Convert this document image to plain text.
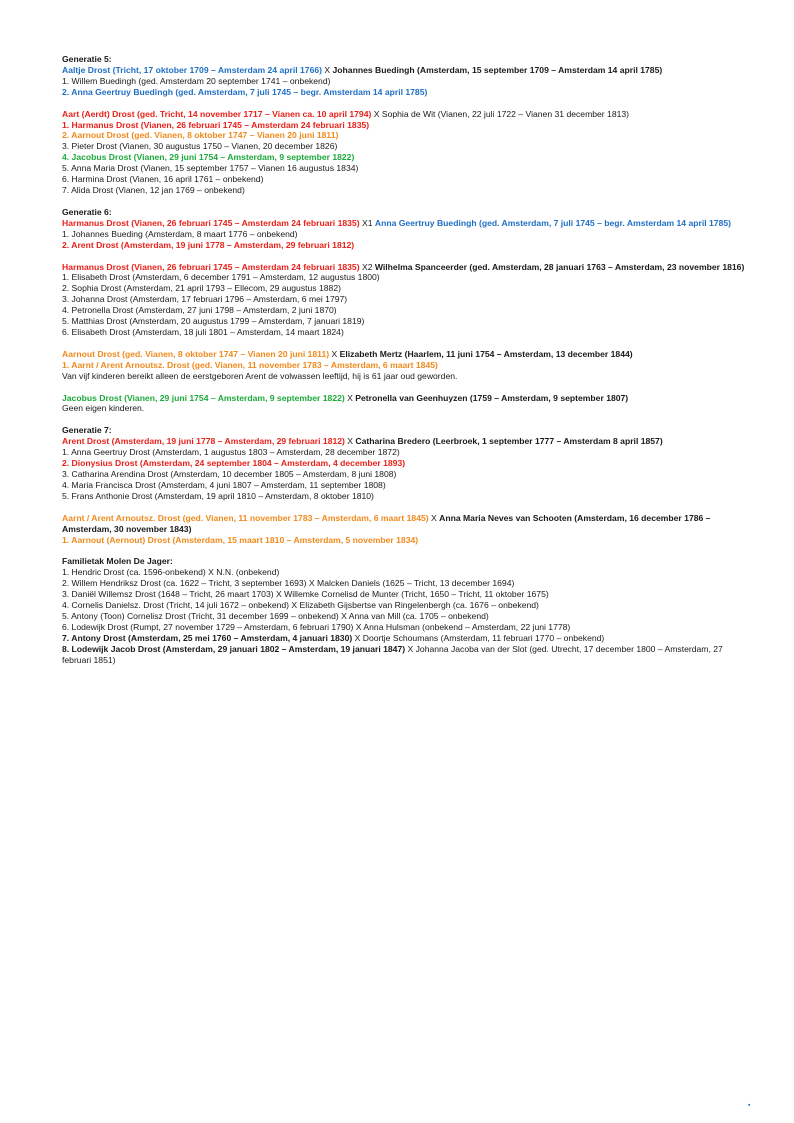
Generatie 5:
Aaltje Drost (Tricht, 17 oktober 1709 – Amsterdam 24 april 1766) X Johannes Buedingh (Amsterdam, 15 september 1709 – Amsterdam 14 april 1785)
1. Willem Buedingh (ged. Amsterdam 20 september 1741 – onbekend)
2. Anna Geertruy Buedingh (ged. Amsterdam, 7 juli 1745 – begr. Amsterdam 14 april 1785)
Aart (Aerdt) Drost (ged. Tricht, 14 november 1717 – Vianen ca. 10 april 1794) X Sophia de Wit (Vianen, 22 juli 1722 – Vianen 31 december 1813)
1. Harmanus Drost (Vianen, 26 februari 1745 – Amsterdam 24 februari 1835)
2. Aarnout Drost (ged. Vianen, 8 oktober 1747 – Vianen 20 juni 1811)
3. Pieter Drost (Vianen, 30 augustus 1750 – Vianen, 20 december 1826)
4. Jacobus Drost (Vianen, 29 juni 1754 – Amsterdam, 9 september 1822)
5. Anna Maria Drost (Vianen, 15 september 1757 – Vianen 16 augustus 1834)
6. Harmina Drost (Vianen, 16 april 1761 – onbekend)
7. Alida Drost (Vianen, 12 jan 1769 – onbekend)
Generatie 6:
Harmanus Drost (Vianen, 26 februari 1745 – Amsterdam 24 februari 1835) X1 Anna Geertruy Buedingh (ged. Amsterdam, 7 juli 1745 – begr. Amsterdam 14 april 1785)
1. Johannes Bueding (Amsterdam, 8 maart 1776 – onbekend)
2. Arent Drost (Amsterdam, 19 juni 1778 – Amsterdam, 29 februari 1812)
Harmanus Drost (Vianen, 26 februari 1745 – Amsterdam 24 februari 1835) X2 Wilhelma Spanceerder (ged. Amsterdam, 28 januari 1763 – Amsterdam, 23 november 1816)
1. Elisabeth Drost (Amsterdam, 6 december 1791 – Amsterdam, 12 augustus 1800)
2. Sophia Drost (Amsterdam, 21 april 1793 – Ellecom, 29 augustus 1882)
3. Johanna Drost (Amsterdam, 17 februari 1796 – Amsterdam, 6 mei 1797)
4. Petronella Drost (Amsterdam, 27 juni 1798 – Amsterdam, 2 juni 1870)
5. Matthias Drost (Amsterdam, 20 augustus 1799 – Amsterdam, 7 januari 1819)
6. Elisabeth Drost (Amsterdam, 18 juli 1801 – Amsterdam, 14 maart 1824)
Aarnout Drost (ged. Vianen, 8 oktober 1747 – Vianen 20 juni 1811) X Elizabeth Mertz (Haarlem, 11 juni 1754 – Amsterdam, 13 december 1844)
1. Aarnt / Arent Arnoutsz. Drost (ged. Vianen, 11 november 1783 – Amsterdam, 6 maart 1845)
Van vijf kinderen bereikt alleen de eerstgeboren Arent de volwassen leeftijd, hij is 61 jaar oud geworden.
Jacobus Drost (Vianen, 29 juni 1754 – Amsterdam, 9 september 1822) X Petronella van Geenhuyzen (1759 – Amsterdam, 9 september 1807)
Geen eigen kinderen.
Generatie 7:
Arent Drost (Amsterdam, 19 juni 1778 – Amsterdam, 29 februari 1812) X Catharina Bredero (Leerbroek, 1 september 1777 – Amsterdam 8 april 1857)
1. Anna Geertruy Drost (Amsterdam, 1 augustus 1803 – Amsterdam, 28 december 1872)
2. Dionysius Drost (Amsterdam, 24 september 1804 – Amsterdam, 4 december 1893)
3. Catharina Arendina Drost (Amsterdam, 10 december 1805 – Amsterdam, 8 juni 1808)
4. Maria Francisca Drost (Amsterdam, 4 juni 1807 – Amsterdam, 11 september 1808)
5. Frans Anthonie Drost (Amsterdam, 19 april 1810 – Amsterdam, 8 oktober 1810)
Aarnt / Arent Arnoutsz. Drost (ged. Vianen, 11 november 1783 – Amsterdam, 6 maart 1845) X Anna Maria Neves van Schooten (Amsterdam, 16 december 1786 – Amsterdam, 30 november 1843)
1. Aarnout (Aernout) Drost (Amsterdam, 15 maart 1810 – Amsterdam, 5 november 1834)
Familietak Molen De Jager:
1. Hendric Drost (ca. 1596-onbekend) X N.N. (onbekend)
2. Willem Hendriksz Drost (ca. 1622 – Tricht, 3 september 1693) X Malcken Daniels (1625 – Tricht, 13 december 1694)
3. Daniël Willemsz Drost (1648 – Tricht, 26 maart 1703) X Willemke Cornelisd de Munter (Tricht, 1650 – Tricht, 11 oktober 1675)
4. Cornelis Danielsz. Drost (Tricht, 14 juli 1672 – onbekend) X Elizabeth Gijsbertse van Ringelenbergh (ca. 1676 – onbekend)
5. Antony (Toon) Cornelisz Drost (Tricht, 31 december 1699 – onbekend) X Anna van Mill (ca. 1705 – onbekend)
6. Lodewijk Drost (Rumpt, 27 november 1729 – Amsterdam, 6 februari 1790) X Anna Hulsman (onbekend – Amsterdam, 22 juni 1778)
7. Antony Drost (Amsterdam, 25 mei 1760 – Amsterdam, 4 januari 1830) X Doortje Schoumans (Amsterdam, 11 februari 1770 – onbekend)
8. Lodewijk Jacob Drost (Amsterdam, 29 januari 1802 – Amsterdam, 19 januari 1847) X Johanna Jacoba van der Slot (ged. Utrecht, 17 december 1800 – Amsterdam, 27 februari 1851)
▪
